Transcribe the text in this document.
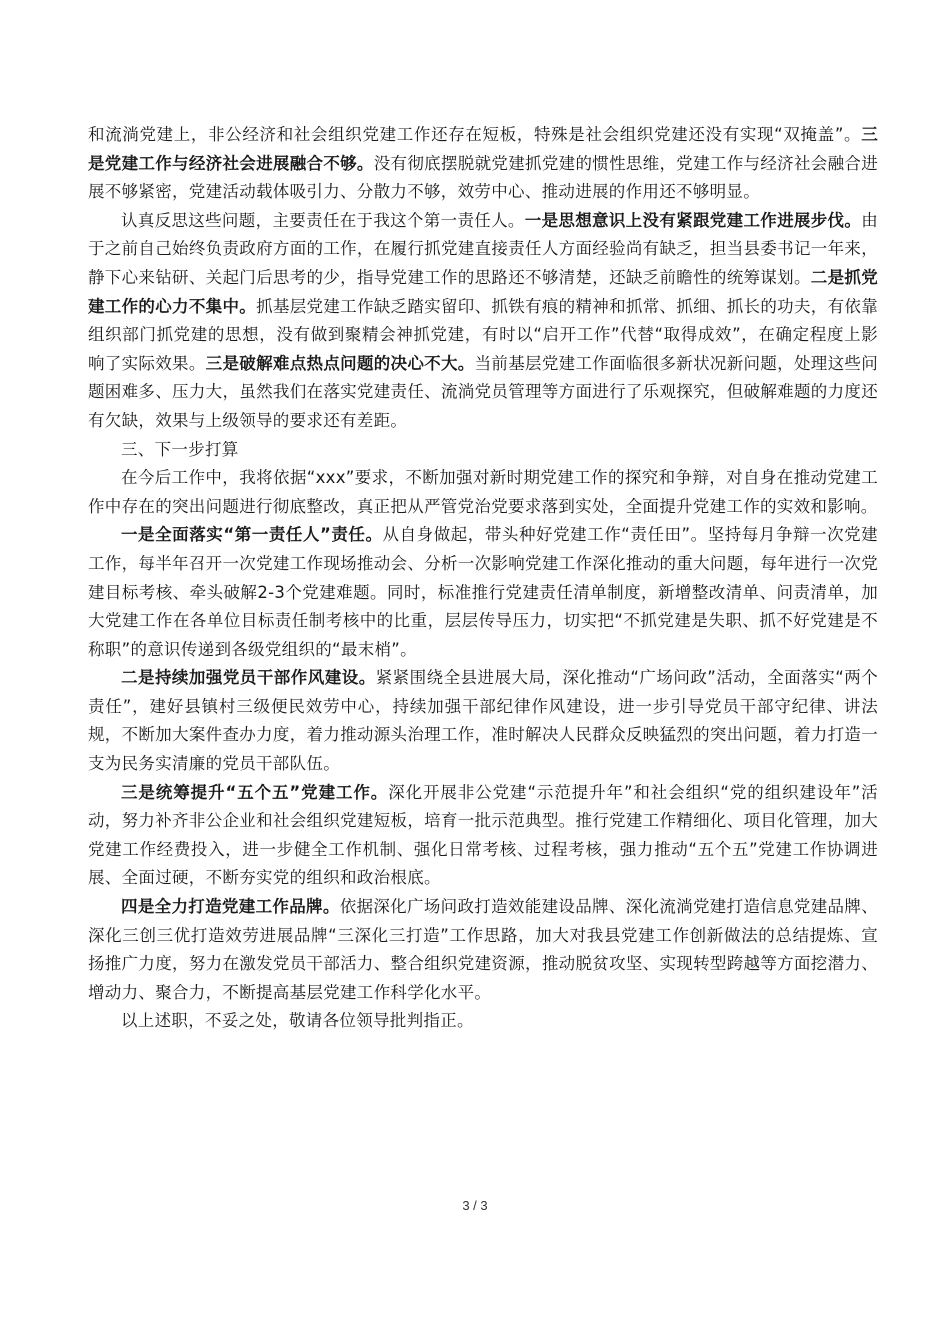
和流淌党建上，非公经济和社会组织党建工作还存在短板，特殊是社会组织党建还没有实现“双掩盖”。三是党建工作与经济社会进展融合不够。没有彻底摆脱就党建抓党建的惯性思维，党建工作与经济社会融合进展不够紧密，党建活动载体吸引力、分散力不够，效劳中心、推动进展的作用还不够明显。

认真反思这些问题，主要责任在于我这个第一责任人。一是思想意识上没有紧跟党建工作进展步伐。由于之前自己始终负责政府方面的工作，在履行抓党建直接责任人方面经验尚有缺乏，担当县委书记一年来，静下心来钻研、关起门后思考的少，指导党建工作的思路还不够清楚，还缺乏前瞻性的统筹谋划。二是抓党建工作的心力不集中。抓基层党建工作缺乏踏实留印、抓铁有痕的精神和抓常、抓细、抓长的功夫，有依靠组织部门抓党建的思想，没有做到聚精会神抓党建，有时以“启开工作”代替“取得成效”，在确定程度上影响了实际效果。三是破解难点热点问题的决心不大。当前基层党建工作面临很多新状况新问题，处理这些问题困难多、压力大，虽然我们在落实党建责任、流淌党员管理等方面进行了乐观探究，但破解难题的力度还有欠缺，效果与上级领导的要求还有差距。

三、下一步打算

在今后工作中，我将依据“xxx”要求，不断加强对新时期党建工作的探究和争辩，对自身在推动党建工作中存在的突出问题进行彻底整改，真正把从严管党治党要求落到实处，全面提升党建工作的实效和影响。

一是全面落实“第一责任人”责任。从自身做起，带头种好党建工作“责任田”。坚持每月争辩一次党建工作，每半年召开一次党建工作现场推动会、分析一次影响党建工作深化推动的重大问题，每年进行一次党建目标考核、牵头破解2-3个党建难题。同时，标准推行党建责任清单制度，新增整改清单、问责清单，加大党建工作在各单位目标责任制考核中的比重，层层传导压力，切实把“不抓党建是失职、抓不好党建是不称职”的意识传递到各级党组织的“最末梢”。

二是持续加强党员干部作风建设。紧紧围绕全县进展大局，深化推动“广场问政”活动，全面落实“两个责任”，建好县镇村三级便民效劳中心，持续加强干部纪律作风建设，进一步引导党员干部守纪律、讲法规，不断加大案件查办力度，着力推动源头治理工作，准时解决人民群众反映猛烈的突出问题，着力打造一支为民务实清廉的党员干部队伍。

三是统筹提升“五个五”党建工作。深化开展非公党建“示范提升年”和社会组织“党的组织建设年”活动，努力补齐非公企业和社会组织党建短板，培育一批示范典型。推行党建工作精细化、项目化管理，加大党建工作经费投入，进一步健全工作机制、强化日常考核、过程考核，强力推动“五个五”党建工作协调进展、全面过硬，不断夯实党的组织和政治根底。

四是全力打造党建工作品牌。依据深化广场问政打造效能建设品牌、深化流淌党建打造信息党建品牌、深化三创三优打造效劳进展品牌“三深化三打造”工作思路，加大对我县党建工作创新做法的总结提炼、宣扬推广力度，努力在激发党员干部活力、整合组织党建资源，推动脱贫攻坚、实现转型跨越等方面挖潜力、增动力、聚合力，不断提高基层党建工作科学化水平。

以上述职，不妥之处，敬请各位领导批判指正。

3 / 3
